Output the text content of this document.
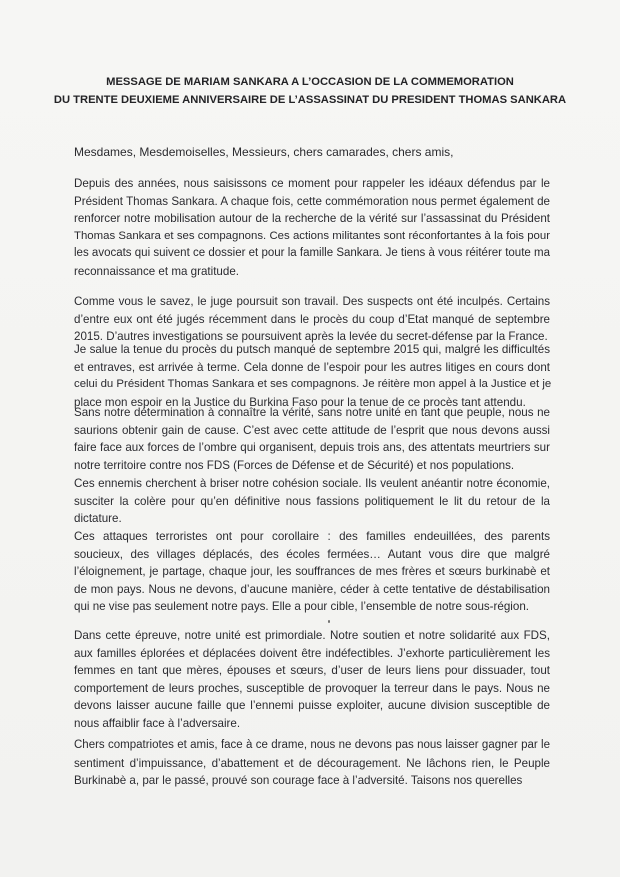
MESSAGE DE MARIAM SANKARA A L’OCCASION DE LA COMMEMORATION
DU TRENTE DEUXIEME ANNIVERSAIRE DE L’ASSASSINAT DU PRESIDENT THOMAS SANKARA
Mesdames, Mesdemoiselles, Messieurs, chers camarades, chers amis,
Depuis des années, nous saisissons ce moment pour rappeler les idéaux défendus par le
Président Thomas Sankara. A chaque fois, cette commémoration nous permet également de
renforcer notre mobilisation autour de la recherche de la vérité sur l’assassinat du Président
Thomas Sankara et ses compagnons. Ces actions militantes sont réconfortantes à la fois pour
les avocats qui suivent ce dossier et pour la famille Sankara. Je tiens à vous réitérer toute ma
reconnaissance et ma gratitude.
Comme vous le savez, le juge poursuit son travail. Des suspects ont été inculpés. Certains
d’entre eux ont été jugés récemment dans le procès du coup d’Etat manqué de septembre
2015. D’autres investigations se poursuivent après la levée du secret-défense par la France.
Je salue la tenue du procès du putsch manqué de septembre 2015 qui, malgré les difficultés
et entraves, est arrivée à terme. Cela donne de l’espoir pour les autres litiges en cours dont
celui du Président Thomas Sankara et ses compagnons. Je réitère mon appel à la Justice et je
place mon espoir en la Justice du Burkina Faso pour la tenue de ce procès tant attendu.
Sans notre détermination à connaître la vérité, sans notre unité en tant que peuple, nous ne
saurions obtenir gain de cause. C’est avec cette attitude de l’esprit que nous devons aussi
faire face aux forces de l’ombre qui organisent, depuis trois ans, des attentats meurtriers sur
notre territoire contre nos FDS (Forces de Défense et de Sécurité) et nos populations.
Ces ennemis cherchent à briser notre cohésion sociale. Ils veulent anéantir notre économie,
susciter la colère pour qu’en définitive nous fassions politiquement le lit du retour de la
dictature.
Ces attaques terroristes ont pour corollaire : des familles endeuillées, des parents
soucieux, des villages déplacés, des écoles fermées… Autant vous dire que malgré
l’éloignement, je partage, chaque jour, les souffrances de mes frères et sœurs burkinabè et
de mon pays. Nous ne devons, d’aucune manière, céder à cette tentative de déstabilisation
qui ne vise pas seulement notre pays. Elle a pour cible, l’ensemble de notre sous-région.
Dans cette épreuve, notre unité est primordiale. Notre soutien et notre solidarité aux FDS,
aux familles éplorées et déplacées doivent être indéfectibles. J’exhorte particulièrement les
femmes en tant que mères, épouses et sœurs, d’user de leurs liens pour dissuader, tout
comportement de leurs proches, susceptible de provoquer la terreur dans le pays. Nous ne
devons laisser aucune faille que l’ennemi puisse exploiter, aucune division susceptible de
nous affaiblir face à l’adversaire.
Chers compatriotes et amis, face à ce drame, nous ne devons pas nous laisser gagner par le
sentiment d’impuissance, d’abattement et de découragement. Ne lâchons rien, le Peuple
Burkinabè a, par le passé, prouvé son courage face à l’adversité. Taisons nos querelles
